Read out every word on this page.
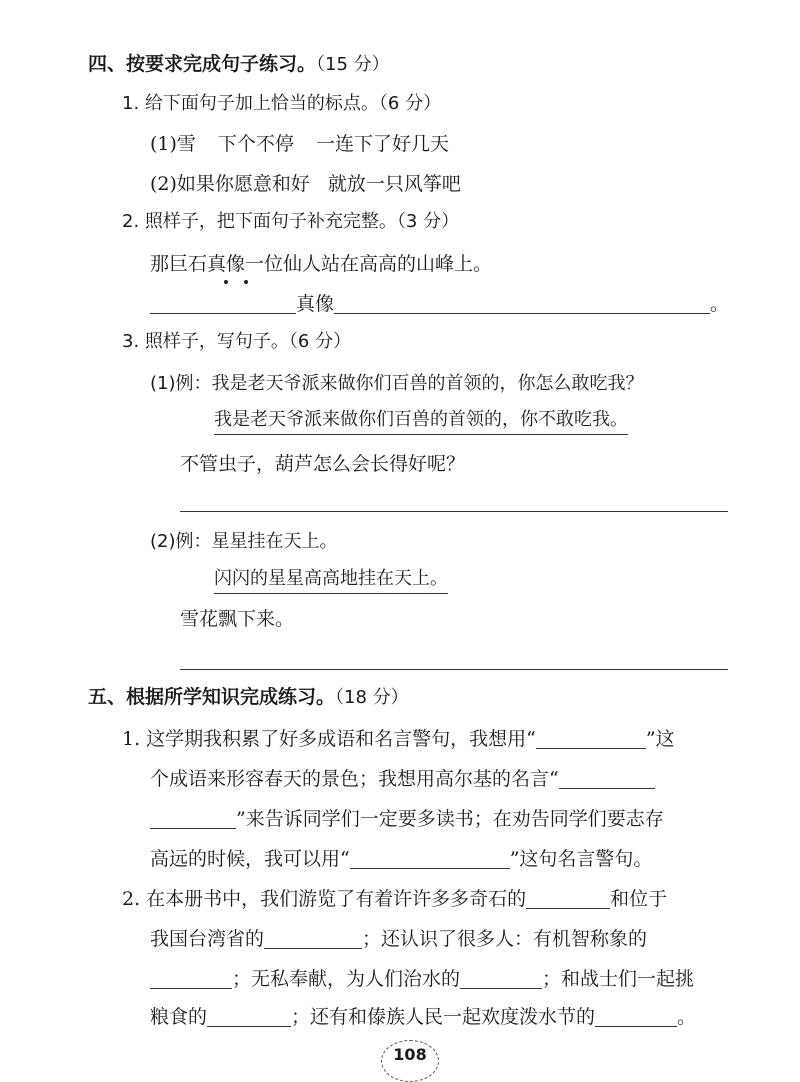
四、按要求完成句子练习。（15 分）
1. 给下面句子加上恰当的标点。（6 分）
(1)雪 下个不停 一连下了好几天
(2)如果你愿意和好 就放一只风筝吧
2. 照样子，把下面句子补充完整。（3 分）
那巨石真像一位仙人站在高高的山峰上。
真像	。
3. 照样子，写句子。（6 分）
(1)例：我是老天爷派来做你们百兽的首领的，你怎么敢吃我？
我是老天爷派来做你们百兽的首领的，你不敢吃我。
不管虫子，葫芦怎么会长得好呢？
(2)例：星星挂在天上。
闪闪的星星高高地挂在天上。
雪花飘下来。
五、根据所学知识完成练习。（18 分）
1. 这学期我积累了好多成语和名言警句，我想用“	”这
个成语来形容春天的景色；我想用高尔基的名言“
”来告诉同学们一定要多读书；在劝告同学们要志存
高远的时候，我可以用“	”这句名言警句。
2. 在本册书中，我们游览了有着许许多多奇石的	和位于
我国台湾省的	；还认识了很多人：有机智称象的
；无私奉献，为人们治水的	；和战士们一起挑
粮食的	；还有和傣族人民一起欢度泼水节的	。
108
